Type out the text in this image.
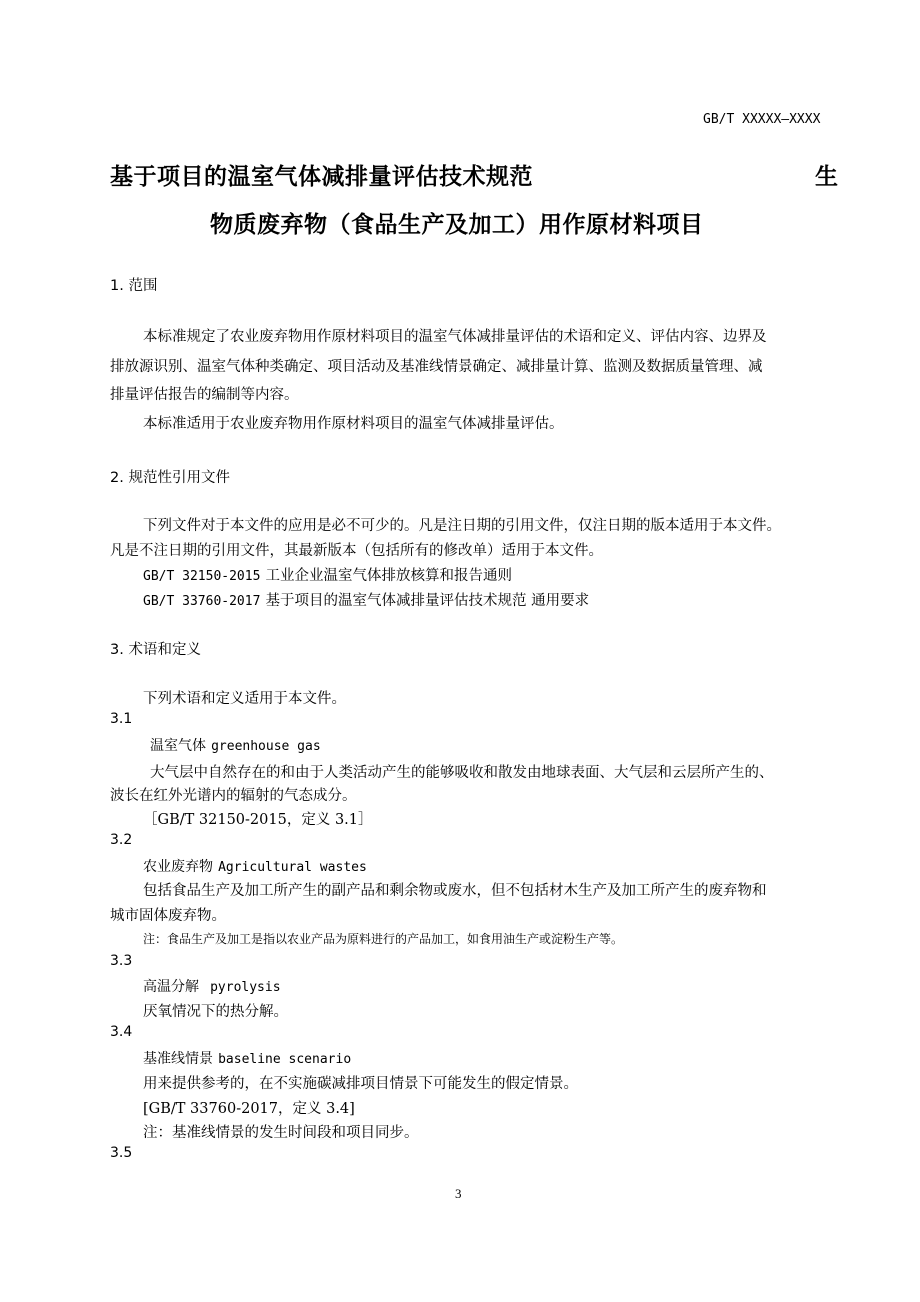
GB/T XXXXX—XXXX
基于项目的温室气体减排量评估技术规范	生
物质废弃物（食品生产及加工）用作原材料项目
1. 范围
本标准规定了农业废弃物用作原材料项目的温室气体减排量评估的术语和定义、评估内容、边界及
排放源识别、温室气体种类确定、项目活动及基准线情景确定、减排量计算、监测及数据质量管理、减
排量评估报告的编制等内容。
本标准适用于农业废弃物用作原材料项目的温室气体减排量评估。
2. 规范性引用文件
下列文件对于本文件的应用是必不可少的。凡是注日期的引用文件，仅注日期的版本适用于本文件。
凡是不注日期的引用文件，其最新版本（包括所有的修改单）适用于本文件。
GB/T 32150-2015 工业企业温室气体排放核算和报告通则
GB/T 33760-2017 基于项目的温室气体减排量评估技术规范 通用要求
3. 术语和定义
下列术语和定义适用于本文件。
3.1
温室气体 greenhouse gas
大气层中自然存在的和由于人类活动产生的能够吸收和散发由地球表面、大气层和云层所产生的、
波长在红外光谱内的辐射的气态成分。
［GB/T 32150-2015，定义 3.1］
3.2
农业废弃物 Agricultural wastes
包括食品生产及加工所产生的副产品和剩余物或废水，但不包括材木生产及加工所产生的废弃物和
城市固体废弃物。
注：食品生产及加工是指以农业产品为原料进行的产品加工，如食用油生产或淀粉生产等。
3.3
高温分解 pyrolysis
厌氧情况下的热分解。
3.4
基准线情景 baseline scenario
用来提供参考的，在不实施碳减排项目情景下可能发生的假定情景。
[GB/T 33760-2017，定义 3.4]
注：基准线情景的发生时间段和项目同步。
3.5
3
